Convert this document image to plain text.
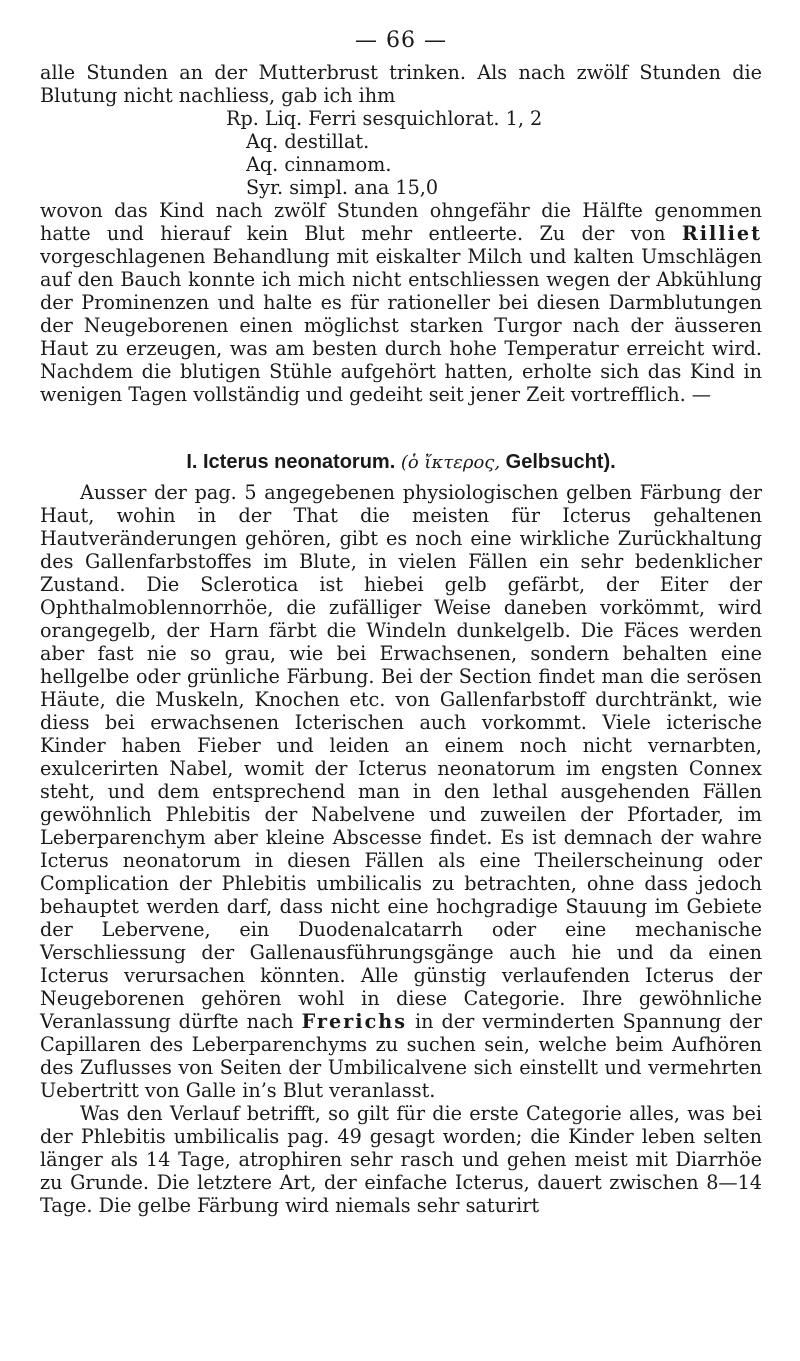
— 66 —

alle Stunden an der Mutterbrust trinken. Als nach zwölf Stunden die Blutung nicht nachliess, gab ich ihm

Rp. Liq. Ferri sesquichlorat. 1, 2
Aq. destillat.
Aq. cinnamom.
Syr. simpl. ana 15,0

wovon das Kind nach zwölf Stunden ohngefähr die Hälfte genommen hatte und hierauf kein Blut mehr entleerte. Zu der von Rilliet vorgeschlagenen Behandlung mit eiskalter Milch und kalten Umschlägen auf den Bauch konnte ich mich nicht entschliessen wegen der Abkühlung der Prominenzen und halte es für rationeller bei diesen Darmblutungen der Neugeborenen einen möglichst starken Turgor nach der äusseren Haut zu erzeugen, was am besten durch hohe Temperatur erreicht wird. Nachdem die blutigen Stühle aufgehört hatten, erholte sich das Kind in wenigen Tagen vollständig und gedeiht seit jener Zeit vortrefflich. —

I. Icterus neonatorum. (ὁ ἴκτερος, Gelbsucht).

Ausser der pag. 5 angegebenen physiologischen gelben Färbung der Haut, wohin in der That die meisten für Icterus gehaltenen Hautveränderungen gehören, gibt es noch eine wirkliche Zurückhaltung des Gallenfarbstoffes im Blute, in vielen Fällen ein sehr bedenklicher Zustand. Die Sclerotica ist hiebei gelb gefärbt, der Eiter der Ophthalmoblennorrhöe, die zufälliger Weise daneben vorkömmt, wird orangegelb, der Harn färbt die Windeln dunkelgelb. Die Fäces werden aber fast nie so grau, wie bei Erwachsenen, sondern behalten eine hellgelbe oder grünliche Färbung. Bei der Section findet man die serösen Häute, die Muskeln, Knochen etc. von Gallenfarbstoff durchtränkt, wie diess bei erwachsenen Icterischen auch vorkommt. Viele icterische Kinder haben Fieber und leiden an einem noch nicht vernarbten, exulcerirten Nabel, womit der Icterus neonatorum im engsten Connex steht, und dem entsprechend man in den lethal ausgehenden Fällen gewöhnlich Phlebitis der Nabelvene und zuweilen der Pfortader, im Leberparenchym aber kleine Abscesse findet. Es ist demnach der wahre Icterus neonatorum in diesen Fällen als eine Theilerscheinung oder Complication der Phlebitis umbilicalis zu betrachten, ohne dass jedoch behauptet werden darf, dass nicht eine hochgradige Stauung im Gebiete der Lebervene, ein Duodenalcatarrh oder eine mechanische Verschliessung der Gallenausführungsgänge auch hie und da einen Icterus verursachen könnten. Alle günstig verlaufenden Icterus der Neugeborenen gehören wohl in diese Categorie. Ihre gewöhnliche Veranlassung dürfte nach Frerichs in der verminderten Spannung der Capillaren des Leberparenchyms zu suchen sein, welche beim Aufhören des Zuflusses von Seiten der Umbilicalvene sich einstellt und vermehrten Uebertritt von Galle in’s Blut veranlasst.

Was den Verlauf betrifft, so gilt für die erste Categorie alles, was bei der Phlebitis umbilicalis pag. 49 gesagt worden; die Kinder leben selten länger als 14 Tage, atrophiren sehr rasch und gehen meist mit Diarrhöe zu Grunde. Die letztere Art, der einfache Icterus, dauert zwischen 8—14 Tage. Die gelbe Färbung wird niemals sehr saturirt
